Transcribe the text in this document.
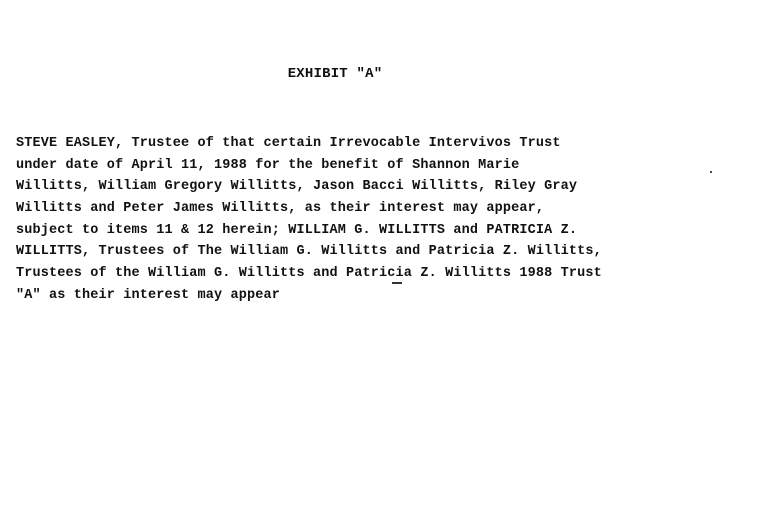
EXHIBIT "A"
STEVE EASLEY, Trustee of that certain Irrevocable Intervivos Trust
under date of April 11, 1988 for the benefit of Shannon Marie
Willitts, William Gregory Willitts, Jason Bacci Willitts, Riley Gray
Willitts and Peter James Willitts, as their interest may appear,
subject to items 11 & 12 herein; WILLIAM G. WILLITTS and PATRICIA Z.
WILLITTS, Trustees of The William G. Willitts and Patricia Z. Willitts,
Trustees of the William G. Willitts and Patricia Z. Willitts 1988 Trust
"A" as their interest may appear
